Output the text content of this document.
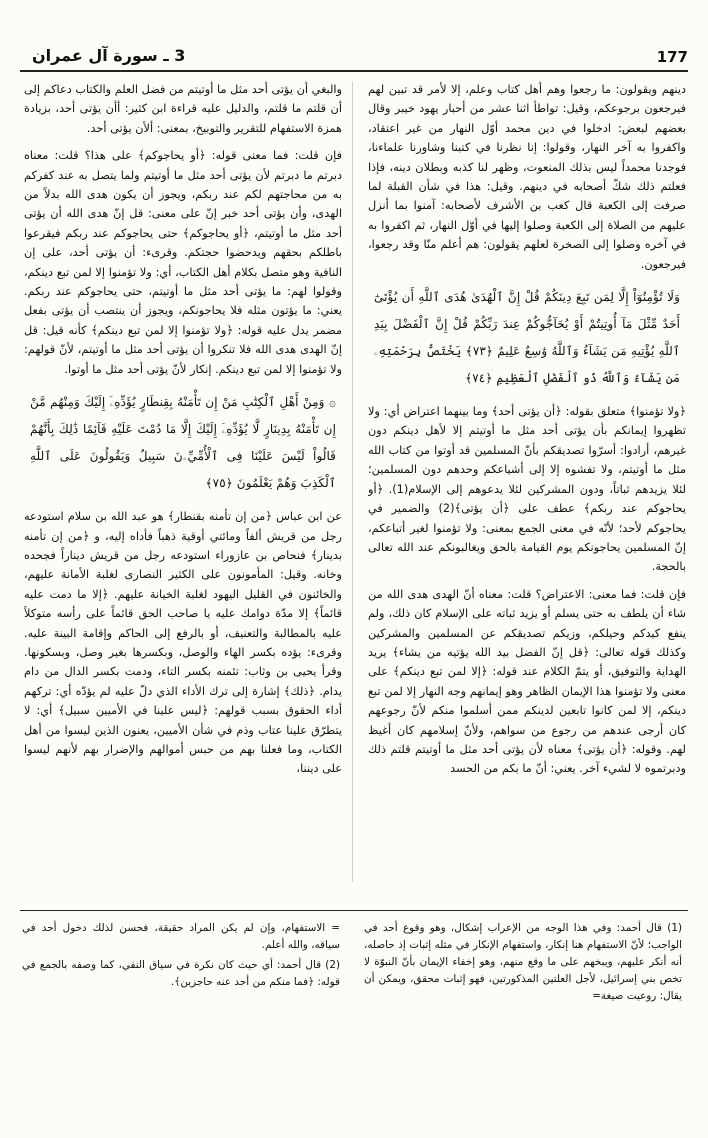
177
3 ـ سورة آل عمران

دينهم ويقولون: ما رجعوا وهم أهل كتاب وعلم، إلا لأمر قد تبين لهم فيرجعون برجوعكم، وقيل: تواطأ اثنا عشر من أحبار يهود خيبر وقال بعضهم لبعض: ادخلوا في دين محمد أوّل النهار من غير اعتقاد، واكفروا به آخر النهار، وقولوا: إنا نظرنا في كتبنا وشاورنا علماءنا، فوجدنا محمداً ليس بذلك المنعوت، وظهر لنا كذبه وبطلان دينه، فإذا فعلتم ذلك شكّ أصحابه في دينهم. وقيل: هذا في شأن القبلة لما صرفت إلى الكعبة قال كعب بن الأشرف لأصحابه: آمنوا بما أنزل عليهم من الصلاة إلى الكعبة وصلوا إليها في أوّل النهار، ثم اكفروا به في آخره وصلوا إلى الصخرة لعلهم يقولون: هم أعلم منّا وقد رجعوا، فيرجعون.

وَلَا تُؤْمِنُوٓاْ إِلَّا لِمَن تَبِعَ دِينَكُمْ قُلْ إِنَّ ٱلْهُدَىٰ هُدَى ٱللَّهِ أَن يُؤْتَىٰٓ أَحَدٌ مِّثْلَ مَآ أُوتِيتُمْ أَوْ يُحَآجُّوكُمْ عِندَ رَبِّكُمْ قُلْ إِنَّ ٱلْفَضْلَ بِيَدِ ٱللَّهِ يُؤْتِيهِ مَن يَشَآءُ وَٱللَّهُ وَٰسِعٌ عَلِيمٌ ﴿٧٣﴾ يَخْتَصُّ بِرَحْمَتِهِۦ مَن يَشَآءُ وَٱللَّهُ ذُو ٱلْفَضْلِ ٱلْعَظِيمِ ﴿٧٤﴾

﴿ولا تؤمنوا﴾ متعلق بقوله: ﴿أن يؤتى أحد﴾ وما بينهما اعتراض أي: ولا تظهروا إيمانكم بأن يؤتى أحد مثل ما أوتيتم إلا لأهل دينكم دون غيرهم، أرادوا: أسرّوا تصديقكم بأنّ المسلمين قد أوتوا من كتاب الله مثل ما أوتيتم، ولا تفشوه إلا إلى أشياعكم وحدهم دون المسلمين؛ لئلا يزيدهم ثباتاً، ودون المشركين لئلا يدعوهم إلى الإسلام(1). ﴿أو يحاجوكم عند ربكم﴾ عطف على ﴿أن يؤتى﴾(2) والضمير في يحاجوكم لأحد؛ لأنّه في معنى الجمع بمعنى: ولا تؤمنوا لغير أتباعكم، إنّ المسلمين يحاجونكم يوم القيامة بالحق ويغالبونكم عند الله تعالى بالحجة.

فإن قلت: فما معنى: الاعتراض؟ قلت: معناه أنّ الهدى هدى الله من شاء أن يلطف به حتى يسلم أو يزيد ثباته على الإسلام كان ذلك، ولم ينفع كيدكم وحيلكم، وزيكم تصديقكم عن المسلمين والمشركين وكذلك قوله تعالى: ﴿قل إنّ الفضل بيد الله يؤتيه من يشاء﴾ يريد الهداية والتوفيق، أو يتمّ الكلام عند قوله: ﴿إلا لمن تبع دينكم﴾ على معنى ولا تؤمنوا هذا الإيمان الظاهر وهو إيمانهم وجه النهار إلا لمن تبع دينكم، إلا لمن كانوا تابعين لدينكم ممن أسلموا منكم لأنّ رجوعهم كان أرجى عندهم من رجوع من سواهم، ولأنّ إسلامهم كان أغيظ لهم. وقوله: ﴿أن يؤتى﴾ معناه لأن يؤتى أحد مثل ما أوتيتم قلتم ذلك ودبرتموه لا لشيء آخر. يعني: أنّ ما بكم من الحسد

والبغي أن يؤتى أحد مثل ما أوتيتم من فضل العلم والكتاب دعاكم إلى أن قلتم ما قلتم، والدليل عليه قراءة ابن كثير: أأن يؤتى أحد، بزيادة همزة الاستفهام للتقرير والتوبيخ، بمعنى: ألأن يؤتى أحد.

فإن قلت: فما معنى قوله: ﴿أو يحاجوكم﴾ على هذا؟ قلت: معناه دبرتم ما دبرتم لأن يؤتى أحد مثل ما أوتيتم ولما يتصل به عند كفركم به من محاجتهم لكم عند ربكم، ويجوز أن يكون هدى الله بدلاً من الهدى، وأن يؤتى أحد خبر إنّ على معنى: قل إنّ هدى الله أن يؤتى أحد مثل ما أوتيتم، ﴿أو يحاجوكم﴾ حتى يحاجوكم عند ربكم فيقرعوا باطلكم بحقهم ويدحضوا حجتكم. وقرىء: أن يؤتى أحد، على إن النافية وهو متصل بكلام أهل الكتاب، أي: ولا تؤمنوا إلا لمن تبع دينكم، وقولوا لهم: ما يؤتى أحد مثل ما أوتيتم، حتى يحاجوكم عند ربكم. يعني: ما يؤتون مثله فلا يحاجونكم، ويجوز أن ينتصب أن يؤتى بفعل مضمر يدل عليه قوله: ﴿ولا تؤمنوا إلا لمن تبع دينكم﴾ كأنه قيل: قل إنّ الهدى هدى الله فلا تنكروا أن يؤتى أحد مثل ما أوتيتم، لأنّ قولهم: ولا تؤمنوا إلا لمن تبع دينكم. إنكار لأنّ يؤتى أحد مثل ما أوتوا.

۞ وَمِنْ أَهْلِ ٱلْكِتَٰبِ مَنْ إِن تَأْمَنْهُ بِقِنطَارٍ يُؤَدِّهِۦٓ إِلَيْكَ وَمِنْهُم مَّنْ إِن تَأْمَنْهُ بِدِينَارٍ لَّا يُؤَدِّهِۦٓ إِلَيْكَ إِلَّا مَا دُمْتَ عَلَيْهِ قَآئِمًا ذَٰلِكَ بِأَنَّهُمْ قَالُواْ لَيْسَ عَلَيْنَا فِى ٱلْأُمِّيِّۦنَ سَبِيلٌ وَيَقُولُونَ عَلَى ٱللَّهِ ٱلْكَذِبَ وَهُمْ يَعْلَمُونَ ﴿٧٥﴾

عن ابن عباس ﴿من إن تأمنه بقنطار﴾ هو عبد الله بن سلام استودعه رجل من قريش ألفاً ومائتي أوقية ذهباً فأداه إليه، و ﴿من إن تأمنه بدينار﴾ فنحاص بن عازوراء استودعه رجل من قريش ديناراً فجحده وخانه. وقيل: المأمونون على الكثير النصارى لغلبة الأمانة عليهم، والخائنون في القليل اليهود لغلبة الخيانة عليهم. ﴿إلا ما دمت عليه قائماً﴾ إلا مدّة دوامك عليه يا صاحب الحق قائماً على رأسه متوكلاً عليه بالمطالبة والتعنيف، أو بالرفع إلى الحاكم وإقامة البينة عليه. وقرىء: يؤده بكسر الهاء والوصل، وبكسرها بغير وصل، وبسكونها. وقرأ يحيى بن وثاب: تئمنه بكسر التاء، ودمت بكسر الدال من دام يدام. ﴿ذلك﴾ إشارة إلى ترك الأداء الذي دلّ عليه لم يؤدّه أي: تركهم أداء الحقوق بسبب قولهم: ﴿ليس علينا في الأميين سبيل﴾ أي: لا يتطرّق علينا عتاب وذم في شأن الأميين، يعنون الذين ليسوا من أهل الكتاب، وما فعلنا بهم من حبس أموالهم والإضرار بهم لأنهم ليسوا على ديننا،

(1) قال أحمد: وفي هذا الوجه من الإعراب إشكال، وهو وقوع أحد في الواجب؛ لأنّ الاستفهام هنا إنكار، واستفهام الإنكار في مثله إثبات إذ حاصله، أنه أنكر عليهم، ويبخهم على ما وقع منهم، وهو إخفاء الإيمان بأنّ النبوّة لا تخص بني إسرائيل، لأجل العلتين المذكورتين، فهو إثبات محقق، ويمكن أن يقال: روعيت صيغة=

= الاستفهام، وإن لم يكن المراد حقيقة، فحسن لذلك دخول أحد في سياقه، والله أعلم.

(2) قال أحمد: أي حيث كان نكرة في سياق النفي، كما وصفه بالجمع في قوله: ﴿فما منكم من أحد عنه حاجزين﴾.
